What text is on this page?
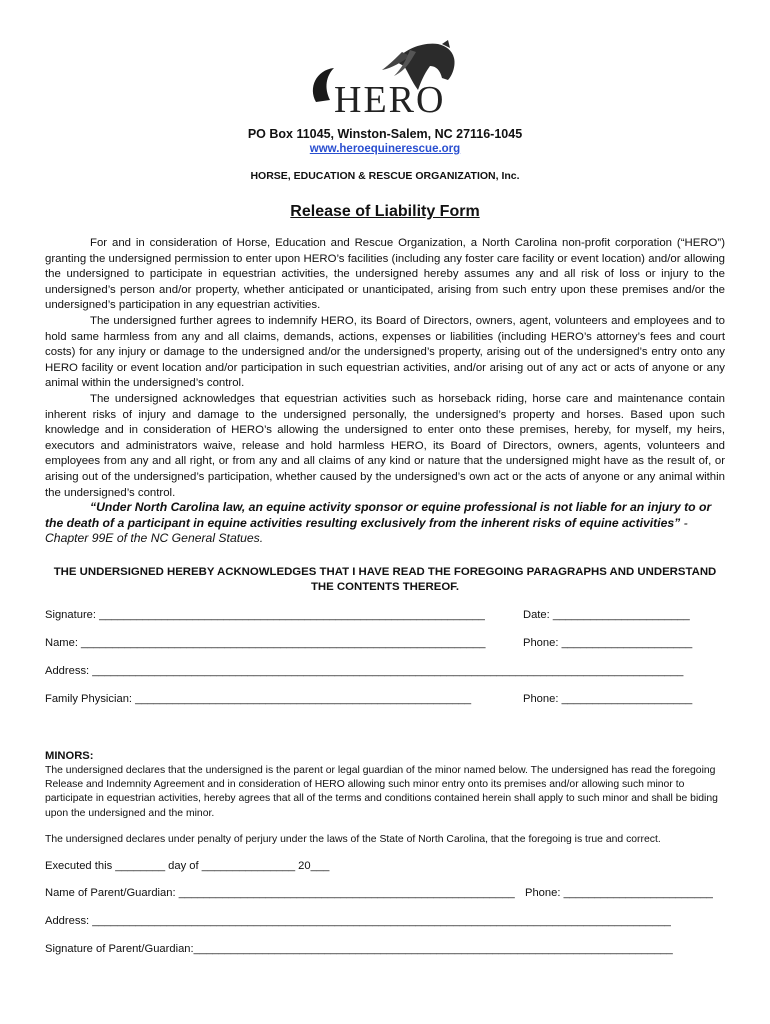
HERO
PO Box 11045, Winston-Salem, NC 27116-1045
www.heroequinerescue.org
HORSE, EDUCATION & RESCUE ORGANIZATION, Inc.
Release of Liability Form

For and in consideration of Horse, Education and Rescue Organization, a North Carolina non-profit corporation (“HERO”) granting the undersigned permission to enter upon HERO’s facilities (including any foster care facility or event location) and/or allowing the undersigned to participate in equestrian activities, the undersigned hereby assumes any and all risk of loss or injury to the undersigned’s person and/or property, whether anticipated or unanticipated, arising from such entry upon these premises and/or the undersigned’s participation in any equestrian activities.

The undersigned further agrees to indemnify HERO, its Board of Directors, owners, agent, volunteers and employees and to hold same harmless from any and all claims, demands, actions, expenses or liabilities (including HERO’s attorney’s fees and court costs) for any injury or damage to the undersigned and/or the undersigned’s property, arising out of the undersigned’s entry onto any HERO facility or event location and/or participation in such equestrian activities, and/or arising out of any act or acts of anyone or any animal within the undersigned’s control.

The undersigned acknowledges that equestrian activities such as horseback riding, horse care and maintenance contain inherent risks of injury and damage to the undersigned personally, the undersigned’s property and horses. Based upon such knowledge and in consideration of HERO’s allowing the undersigned to enter onto these premises, hereby, for myself, my heirs, executors and administrators waive, release and hold harmless HERO, its Board of Directors, owners, agents, volunteers and employees from any and all right, or from any and all claims of any kind or nature that the undersigned might have as the result of, or arising out of the undersigned’s participation, whether caused by the undersigned’s own act or the acts of anyone or any animal within the undersigned’s control.

“Under North Carolina law, an equine activity sponsor or equine professional is not liable for an injury to or the death of a participant in equine activities resulting exclusively from the inherent risks of equine activities” - Chapter 99E of the NC General Statues.
THE UNDERSIGNED HEREBY ACKNOWLEDGES THAT I HAVE READ THE FOREGOING PARAGRAPHS AND UNDERSTAND THE CONTENTS THEREOF.
Signature: ______________________________________________________________	Date: ______________________
Name: _________________________________________________________________	Phone: _____________________
Address: _______________________________________________________________________________________________
Family Physician: ______________________________________________________	Phone: _____________________
MINORS:
The undersigned declares that the undersigned is the parent or legal guardian of the minor named below. The undersigned has read the foregoing Release and Indemnity Agreement and in consideration of HERO allowing such minor entry onto its premises and/or allowing such minor to participate in equestrian activities, hereby agrees that all of the terms and conditions contained herein shall apply to such minor and shall be biding upon the undersigned and the minor.
The undersigned declares under penalty of perjury under the laws of the State of North Carolina, that the foregoing is true and correct.
Executed this ________ day of _______________ 20___
Name of Parent/Guardian: ______________________________________________________ Phone: ________________________
Address: _____________________________________________________________________________________________
Signature of Parent/Guardian:_____________________________________________________________________________
